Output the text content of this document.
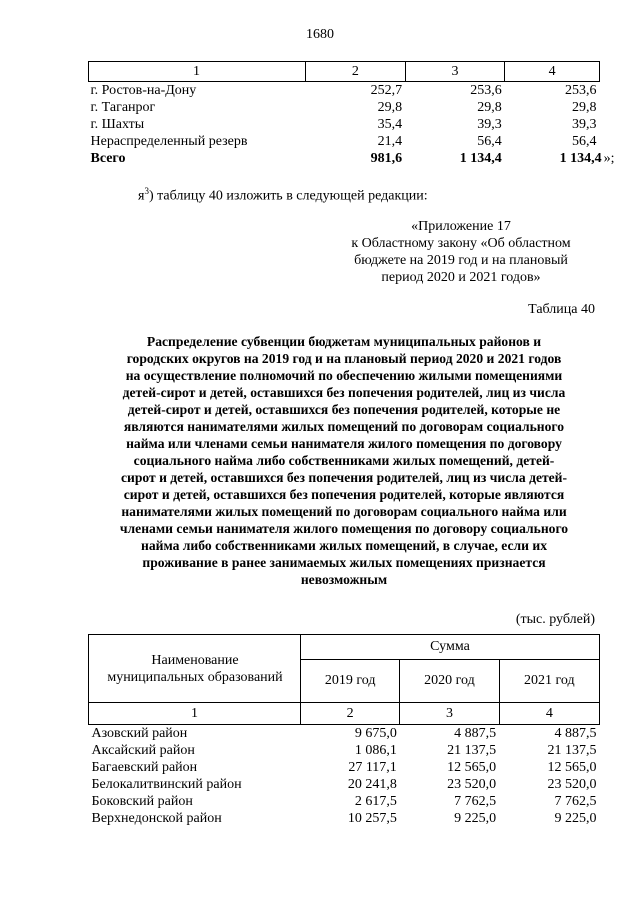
1680
1	2	3	4
г. Ростов-на-Дону	252,7	253,6	253,6
г. Таганрог	29,8	29,8	29,8
г. Шахты	35,4	39,3	39,3
Нераспределенный резерв	21,4	56,4	56,4
Всего	981,6	1 134,4	1 134,4 »;
$я^3$) таблицу 40 изложить в следующей редакции:
«Приложение 17
к Областному закону «Об областном
бюджете на 2019 год и на плановый
период 2020 и 2021 годов»
Таблица 40
Распределение субвенции бюджетам муниципальных районов и
городских округов на 2019 год и на плановый период 2020 и 2021 годов
на осуществление полномочий по обеспечению жилыми помещениями
детей-сирот и детей, оставшихся без попечения родителей, лиц из числа
детей-сирот и детей, оставшихся без попечения родителей, которые не
являются нанимателями жилых помещений по договорам социального
найма или членами семьи нанимателя жилого помещения по договору
социального найма либо собственниками жилых помещений, детей-
сирот и детей, оставшихся без попечения родителей, лиц из числа детей-
сирот и детей, оставшихся без попечения родителей, которые являются
нанимателями жилых помещений по договорам социального найма или
членами семьи нанимателя жилого помещения по договору социального
найма либо собственниками жилых помещений, в случае, если их
проживание в ранее занимаемых жилых помещениях признается
невозможным
(тыс. рублей)
Наименование
муниципальных образований	Сумма		
	2019 год	2020 год	2021 год
1	2	3	4
Азовский район	9 675,0	4 887,5	4 887,5
Аксайский район	1 086,1	21 137,5	21 137,5
Багаевский район	27 117,1	12 565,0	12 565,0
Белокалитвинский район	20 241,8	23 520,0	23 520,0
Боковский район	2 617,5	7 762,5	7 762,5
Верхнедонской район	10 257,5	9 225,0	9 225,0
